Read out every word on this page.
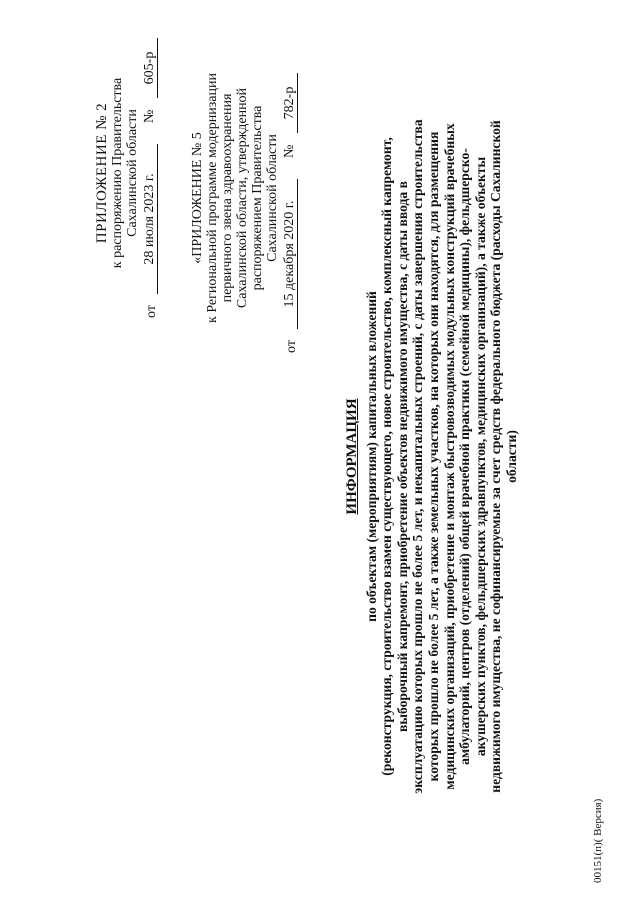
ПРИЛОЖЕНИЕ № 2 к распоряжению Правительства Сахалинской области
от
28 июля 2023 г.
№
605-р
«ПРИЛОЖЕНИЕ № 5 к Региональной программе модернизации первичного звена здравоохранения Сахалинской области, утвержденной распоряжением Правительства Сахалинской области
от
15 декабря 2020 г.
№
782-р
ИНФОРМАЦИЯ по объектам (мероприятиям) капитальных вложений (реконструкция, строительство взамен существующего, новое строительство, комплексный капремонт, выборочный капремонт, приобретение объектов недвижимого имущества, с даты ввода в эксплуатацию которых прошло не более 5 лет, и некапитальных строений, с даты завершения строительства которых прошло не более 5 лет, а также земельных участков, на которых они находятся, для размещения медицинских организаций, приобретение и монтаж быстровозводимых модульных конструкций врачебных амбулаторий, центров (отделений) общей врачебной практики (семейной медицины), фельдшерско- акушерских пунктов, фельдшерских здравпунктов, медицинских организаций), а также объекты недвижимого имущества, не софинансируемые за счет средств федерального бюджета (расходы Сахалинской области)
00151(п)( Версия)
